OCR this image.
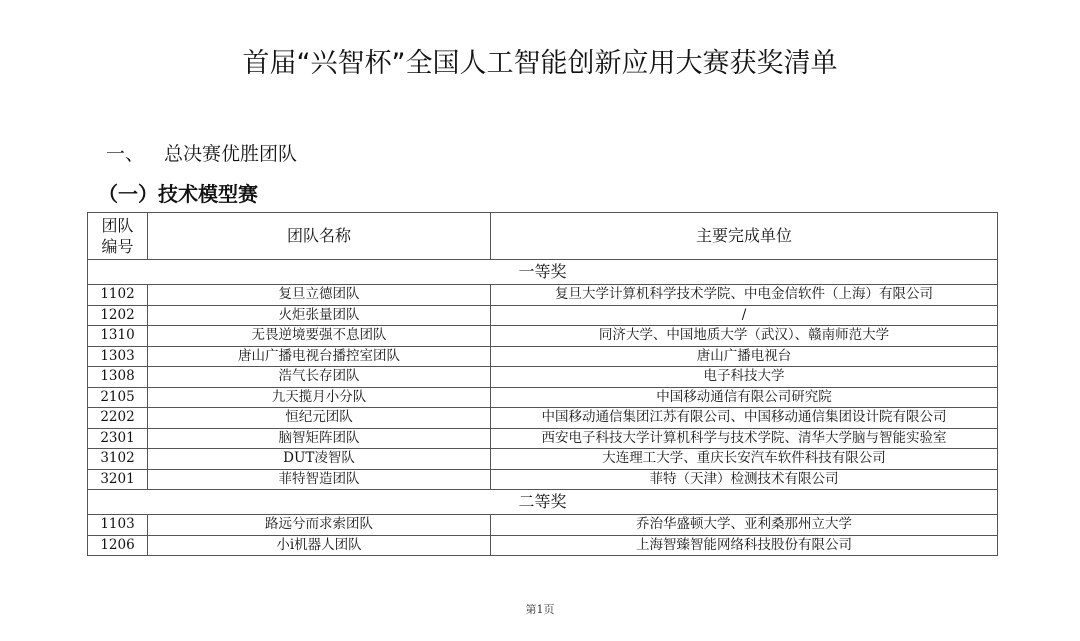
首届“兴智杯”全国人工智能创新应用大赛获奖清单
一、 总决赛优胜团队
（一）技术模型赛
团队
编号	团队名称	主要完成单位
一等奖		
1102	复旦立德团队	复旦大学计算机科学技术学院、中电金信软件（上海）有限公司
1202	火炬张量团队	/
1310	无畏逆境要强不息团队	同济大学、中国地质大学（武汉）、赣南师范大学
1303	唐山广播电视台播控室团队	唐山广播电视台
1308	浩气长存团队	电子科技大学
2105	九天揽月小分队	中国移动通信有限公司研究院
2202	恒纪元团队	中国移动通信集团江苏有限公司、中国移动通信集团设计院有限公司
2301	脑智矩阵团队	西安电子科技大学计算机科学与技术学院、清华大学脑与智能实验室
3102	DUT凌智队	大连理工大学、重庆长安汽车软件科技有限公司
3201	菲特智造团队	菲特（天津）检测技术有限公司
二等奖		
1103	路远兮而求索团队	乔治华盛顿大学、亚利桑那州立大学
1206	小i机器人团队	上海智臻智能网络科技股份有限公司
第1页
